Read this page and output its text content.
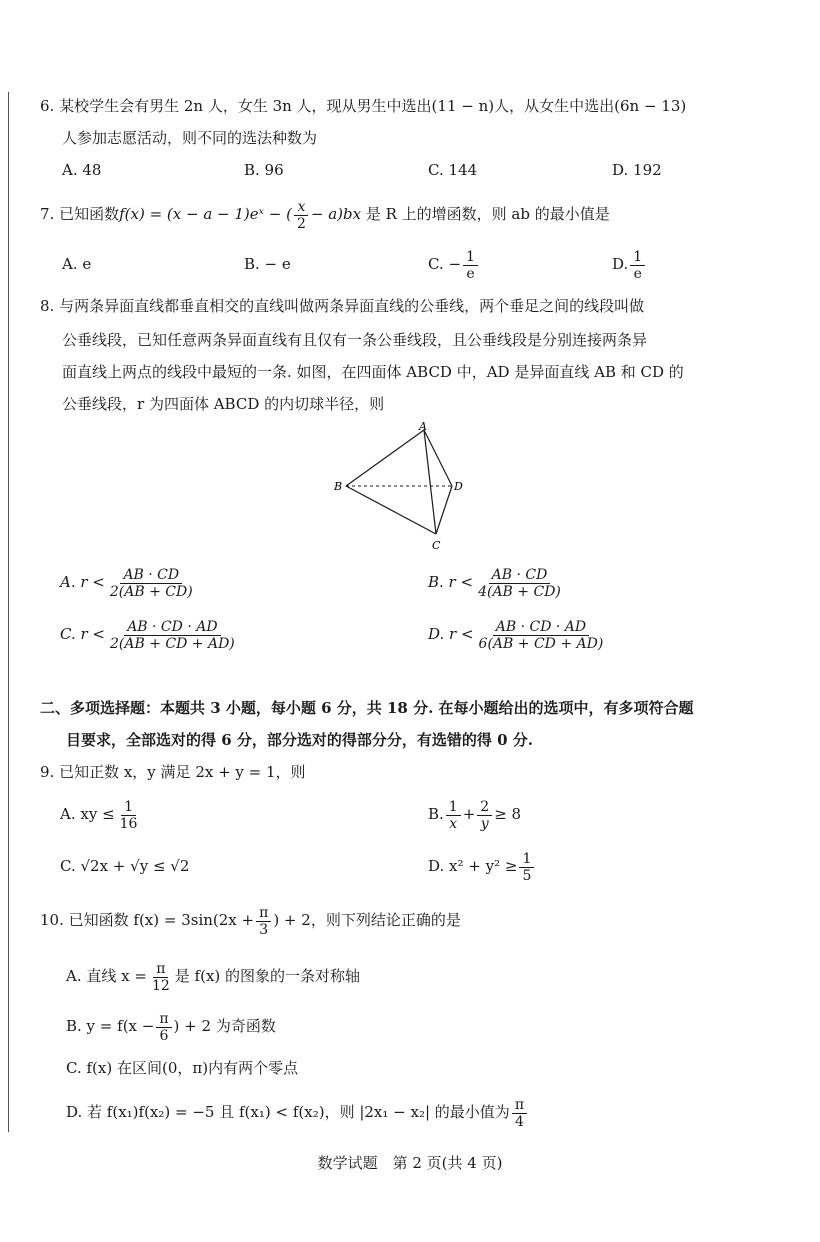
6. 某校学生会有男生 2n 人，女生 3n 人，现从男生中选出(11 − n)人，从女生中选出(6n − 13)
人参加志愿活动，则不同的选法种数为
A. 48	B. 96	C. 144	D. 192
7. 已知函数f(x) = (x − a − 1)eˣ − ( $\frac{x}{2} - a)bx$ 是 R 上的增函数，则 ab 的最小值是
A. e	B. − e	C. − $\frac{1}{e}$	D. $\frac{1}{e}$
8. 与两条异面直线都垂直相交的直线叫做两条异面直线的公垂线，两个垂足之间的线段叫做
公垂线段，已知任意两条异面直线有且仅有一条公垂线段，且公垂线段是分别连接两条异
面直线上两点的线段中最短的一条. 如图，在四面体 ABCD 中，AD 是异面直线 AB 和 CD 的
公垂线段，r 为四面体 ABCD 的内切球半径，则
A
B
C
D
A. $r < \frac{AB \cdot CD}{2(AB + CD)}$	B. $r < \frac{AB \cdot CD}{4(AB + CD)}$
C. $r < \frac{AB \cdot CD \cdot AD}{2(AB + CD + AD)}$	D. $r < \frac{AB \cdot CD \cdot AD}{6(AB + CD + AD)}$
二、多项选择题：本题共 3 小题，每小题 6 分，共 18 分. 在每小题给出的选项中，有多项符合题
目要求，全部选对的得 6 分，部分选对的得部分分，有选错的得 0 分.
9. 已知正数 x，y 满足 2x + y = 1，则
A. xy ≤ $\frac{1}{16}$	B. $\frac{1}{x} + \frac{2}{y} \ge 8$
C. √2x + √y ≤ √2	D. $x^2 + y^2 \ge \frac{1}{5}$
10. 已知函数 $f(x) = 3\sin(2x + \frac{\pi}{3}$ ) + 2，则下列结论正确的是
A. 直线 $x = \frac{\pi}{12}$ 是 f(x) 的图象的一条对称轴
B. $y = f(x - \frac{\pi}{6}$ ) + 2 为奇函数
C. f(x) 在区间(0，π)内有两个零点
D. 若 f(x₁)f(x₂) = −5 且 f(x₁) < f(x₂)，则 |2x₁ − x₂| 的最小值为 $\frac{\pi}{4}$
数学试题　第 2 页(共 4 页)
